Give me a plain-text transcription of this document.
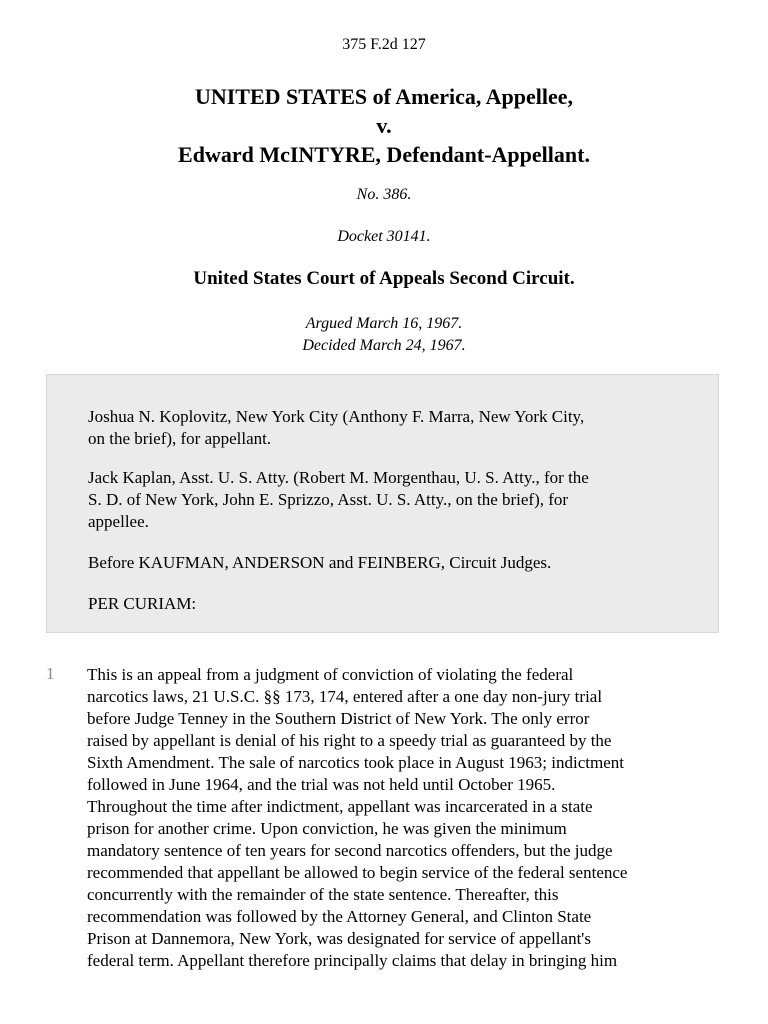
375 F.2d 127
UNITED STATES of America, Appellee,
v.
Edward McINTYRE, Defendant-Appellant.
No. 386.
Docket 30141.
United States Court of Appeals Second Circuit.
Argued March 16, 1967.
Decided March 24, 1967.

Joshua N. Koplovitz, New York City (Anthony F. Marra, New York City,
on the brief), for appellant.

Jack Kaplan, Asst. U. S. Atty. (Robert M. Morgenthau, U. S. Atty., for the
S. D. of New York, John E. Sprizzo, Asst. U. S. Atty., on the brief), for
appellee.

Before KAUFMAN, ANDERSON and FEINBERG, Circuit Judges.

PER CURIAM:

1 This is an appeal from a judgment of conviction of violating the federal
narcotics laws, 21 U.S.C. §§ 173, 174, entered after a one day non-jury trial
before Judge Tenney in the Southern District of New York. The only error
raised by appellant is denial of his right to a speedy trial as guaranteed by the
Sixth Amendment. The sale of narcotics took place in August 1963; indictment
followed in June 1964, and the trial was not held until October 1965.
Throughout the time after indictment, appellant was incarcerated in a state
prison for another crime. Upon conviction, he was given the minimum
mandatory sentence of ten years for second narcotics offenders, but the judge
recommended that appellant be allowed to begin service of the federal sentence
concurrently with the remainder of the state sentence. Thereafter, this
recommendation was followed by the Attorney General, and Clinton State
Prison at Dannemora, New York, was designated for service of appellant's
federal term. Appellant therefore principally claims that delay in bringing him
